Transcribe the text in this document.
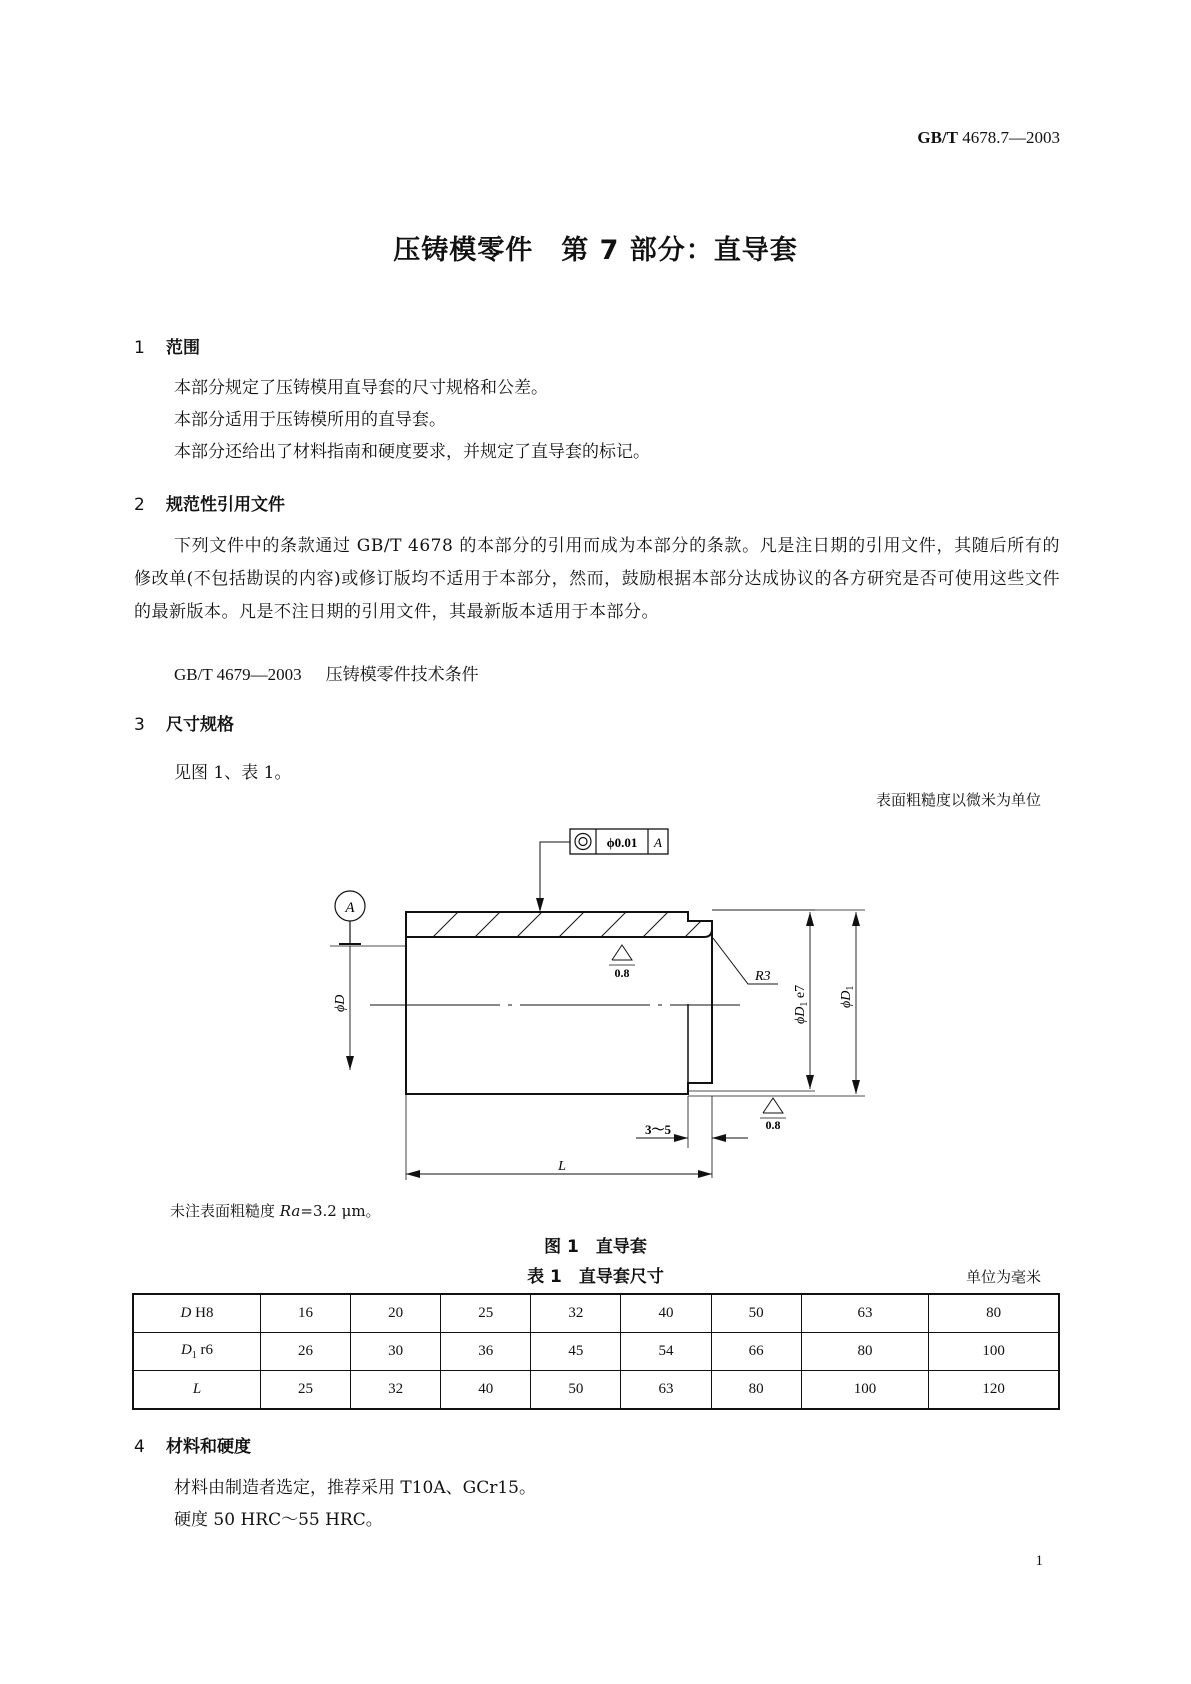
GB/T 4678.7—2003
压铸模零件 第 7 部分：直导套
1 范围
本部分规定了压铸模用直导套的尺寸规格和公差。
本部分适用于压铸模所用的直导套。
本部分还给出了材料指南和硬度要求，并规定了直导套的标记。
2 规范性引用文件
下列文件中的条款通过 GB/T 4678 的本部分的引用而成为本部分的条款。凡是注日期的引用文件，其随后所有的修改单(不包括勘误的内容)或修订版均不适用于本部分，然而，鼓励根据本部分达成协议的各方研究是否可使用这些文件的最新版本。凡是不注日期的引用文件，其最新版本适用于本部分。
GB/T 4679—2003 压铸模零件技术条件
3 尺寸规格
见图 1、表 1。
表面粗糙度以微米为单位
A
ϕ0.01 A
0.8
0.8
R3
3～5
L
ϕD
$\phi D_1$ e7 $\phi D_1$
未注表面粗糙度 Ra=3.2 μm。
图 1　直导套
表 1　直导套尺寸	单位为毫米
D H8	16	20	25	32	40	50	63	80
$D_1$ r6	26	30	36	45	54	66	80	100
L	25	32	40	50	63	80	100	120
4 材料和硬度
材料由制造者选定，推荐采用 T10A、GCr15。
硬度 50 HRC～55 HRC。
1
